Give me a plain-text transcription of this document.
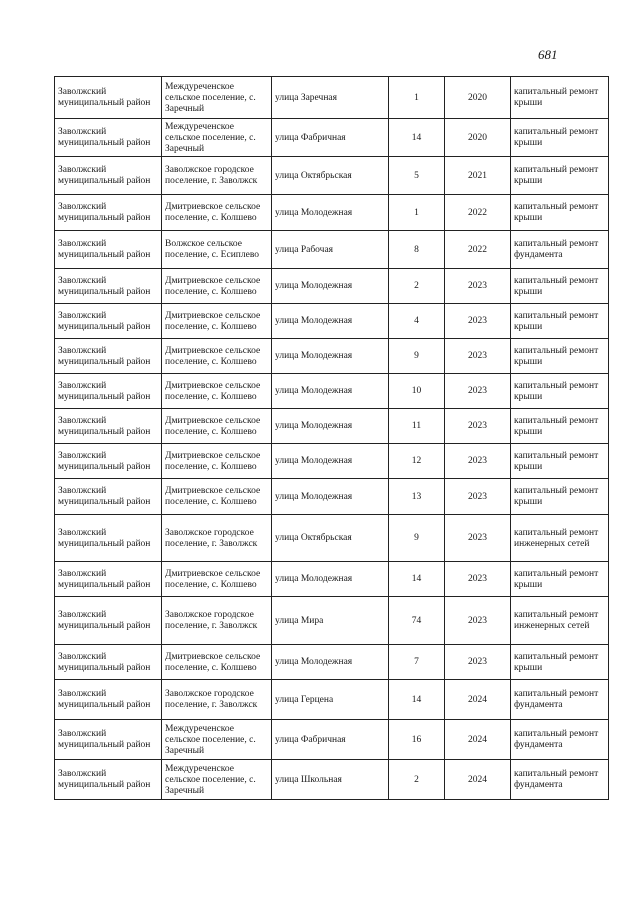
681
Заволжский муниципальный район	Междуреченское сельское поселение, с. Заречный	улица Заречная	1	2020	капитальный ремонт крыши
Заволжский муниципальный район	Междуреченское сельское поселение, с. Заречный	улица Фабричная	14	2020	капитальный ремонт крыши
Заволжский муниципальный район	Заволжское городское поселение, г. Заволжск	улица Октябрьская	5	2021	капитальный ремонт крыши
Заволжский муниципальный район	Дмитриевское сельское поселение, с. Колшево	улица Молодежная	1	2022	капитальный ремонт крыши
Заволжский муниципальный район	Волжское сельское поселение, с. Есиплево	улица Рабочая	8	2022	капитальный ремонт фундамента
Заволжский муниципальный район	Дмитриевское сельское поселение, с. Колшево	улица Молодежная	2	2023	капитальный ремонт крыши
Заволжский муниципальный район	Дмитриевское сельское поселение, с. Колшево	улица Молодежная	4	2023	капитальный ремонт крыши
Заволжский муниципальный район	Дмитриевское сельское поселение, с. Колшево	улица Молодежная	9	2023	капитальный ремонт крыши
Заволжский муниципальный район	Дмитриевское сельское поселение, с. Колшево	улица Молодежная	10	2023	капитальный ремонт крыши
Заволжский муниципальный район	Дмитриевское сельское поселение, с. Колшево	улица Молодежная	11	2023	капитальный ремонт крыши
Заволжский муниципальный район	Дмитриевское сельское поселение, с. Колшево	улица Молодежная	12	2023	капитальный ремонт крыши
Заволжский муниципальный район	Дмитриевское сельское поселение, с. Колшево	улица Молодежная	13	2023	капитальный ремонт крыши
Заволжский муниципальный район	Заволжское городское поселение, г. Заволжск	улица Октябрьская	9	2023	капитальный ремонт инженерных сетей
Заволжский муниципальный район	Дмитриевское сельское поселение, с. Колшево	улица Молодежная	14	2023	капитальный ремонт крыши
Заволжский муниципальный район	Заволжское городское поселение, г. Заволжск	улица Мира	74	2023	капитальный ремонт инженерных сетей
Заволжский муниципальный район	Дмитриевское сельское поселение, с. Колшево	улица Молодежная	7	2023	капитальный ремонт крыши
Заволжский муниципальный район	Заволжское городское поселение, г. Заволжск	улица Герцена	14	2024	капитальный ремонт фундамента
Заволжский муниципальный район	Междуреченское сельское поселение, с. Заречный	улица Фабричная	16	2024	капитальный ремонт фундамента
Заволжский муниципальный район	Междуреченское сельское поселение, с. Заречный	улица Школьная	2	2024	капитальный ремонт фундамента
